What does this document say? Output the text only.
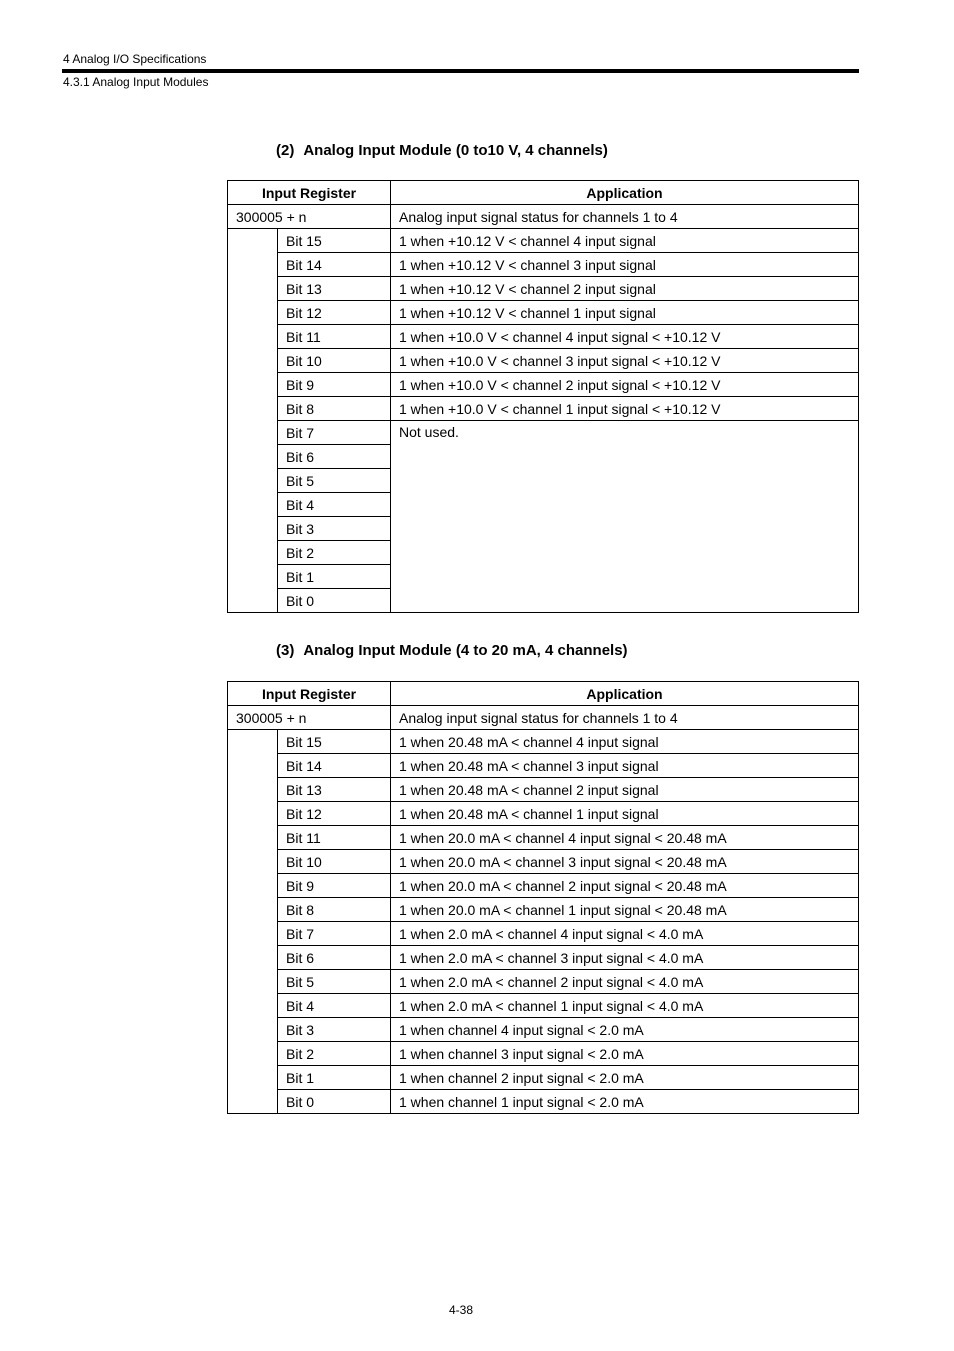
4 Analog I/O Specifications
4.3.1 Analog Input Modules
(2) Analog Input Module (0 to10 V, 4 channels)
Input Register		Application
300005 + n		Analog input signal status for channels 1 to 4
	Bit 15	1 when +10.12 V < channel 4 input signal
	Bit 14	1 when +10.12 V < channel 3 input signal
	Bit 13	1 when +10.12 V < channel 2 input signal
	Bit 12	1 when +10.12 V < channel 1 input signal
	Bit 11	1 when +10.0 V < channel 4 input signal < +10.12 V
	Bit 10	1 when +10.0 V < channel 3 input signal < +10.12 V
	Bit 9	1 when +10.0 V < channel 2 input signal < +10.12 V
	Bit 8	1 when +10.0 V < channel 1 input signal < +10.12 V
	Bit 7	Not used.
	Bit 6	
	Bit 5	
	Bit 4	
	Bit 3	
	Bit 2	
	Bit 1	
	Bit 0	
(3) Analog Input Module (4 to 20 mA, 4 channels)
Input Register		Application
300005 + n		Analog input signal status for channels 1 to 4
	Bit 15	1 when 20.48 mA < channel 4 input signal
	Bit 14	1 when 20.48 mA < channel 3 input signal
	Bit 13	1 when 20.48 mA < channel 2 input signal
	Bit 12	1 when 20.48 mA < channel 1 input signal
	Bit 11	1 when 20.0 mA < channel 4 input signal < 20.48 mA
	Bit 10	1 when 20.0 mA < channel 3 input signal < 20.48 mA
	Bit 9	1 when 20.0 mA < channel 2 input signal < 20.48 mA
	Bit 8	1 when 20.0 mA < channel 1 input signal < 20.48 mA
	Bit 7	1 when 2.0 mA < channel 4 input signal < 4.0 mA
	Bit 6	1 when 2.0 mA < channel 3 input signal < 4.0 mA
	Bit 5	1 when 2.0 mA < channel 2 input signal < 4.0 mA
	Bit 4	1 when 2.0 mA < channel 1 input signal < 4.0 mA
	Bit 3	1 when channel 4 input signal < 2.0 mA
	Bit 2	1 when channel 3 input signal < 2.0 mA
	Bit 1	1 when channel 2 input signal < 2.0 mA
	Bit 0	1 when channel 1 input signal < 2.0 mA
4-38
